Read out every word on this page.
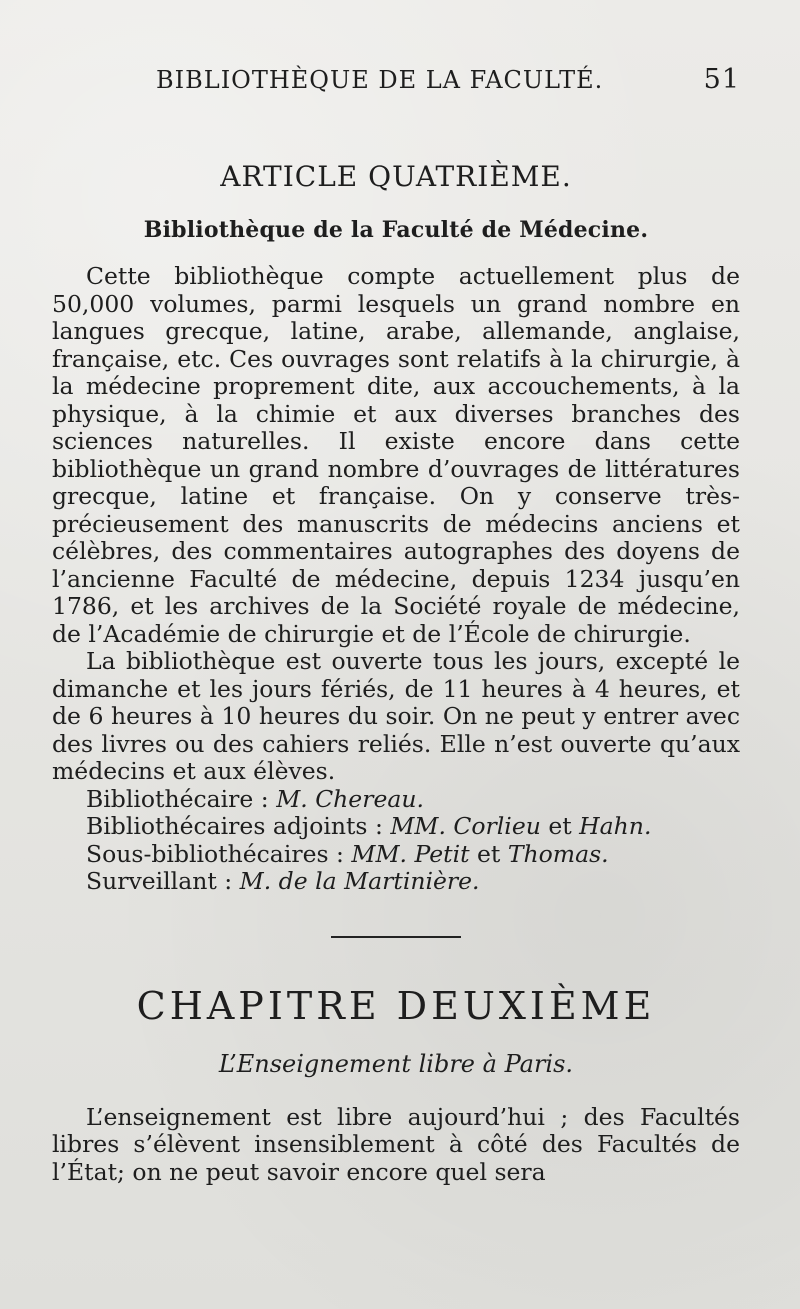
BIBLIOTHÈQUE DE LA FACULTÉ.	51
ARTICLE QUATRIÈME.
Bibliothèque de la Faculté de Médecine.

Cette bibliothèque compte actuellement plus de 50,000 volumes, parmi lesquels un grand nombre en langues grecque, latine, arabe, allemande, anglaise, française, etc. Ces ouvrages sont relatifs à la chirurgie, à la médecine proprement dite, aux accouchements, à la physique, à la chimie et aux diverses branches des sciences naturelles. Il existe encore dans cette bibliothèque un grand nombre d’ouvrages de littératures grecque, latine et française. On y conserve très-précieusement des manuscrits de médecins anciens et célèbres, des commentaires autographes des doyens de l’ancienne Faculté de médecine, depuis 1234 jusqu’en 1786, et les archives de la Société royale de médecine, de l’Académie de chirurgie et de l’École de chirurgie.

La bibliothèque est ouverte tous les jours, excepté le dimanche et les jours fériés, de 11 heures à 4 heures, et de 6 heures à 10 heures du soir. On ne peut y entrer avec des livres ou des cahiers reliés. Elle n’est ouverte qu’aux médecins et aux élèves.

Bibliothécaire : M. Chereau.
Bibliothécaires adjoints : MM. Corlieu et Hahn.
Sous-bibliothécaires : MM. Petit et Thomas.
Surveillant : M. de la Martinière.
CHAPITRE DEUXIÈME
L’Enseignement libre à Paris.

L’enseignement est libre aujourd’hui ; des Facultés libres s’élèvent insensiblement à côté des Facultés de l’État; on ne peut savoir encore quel sera
